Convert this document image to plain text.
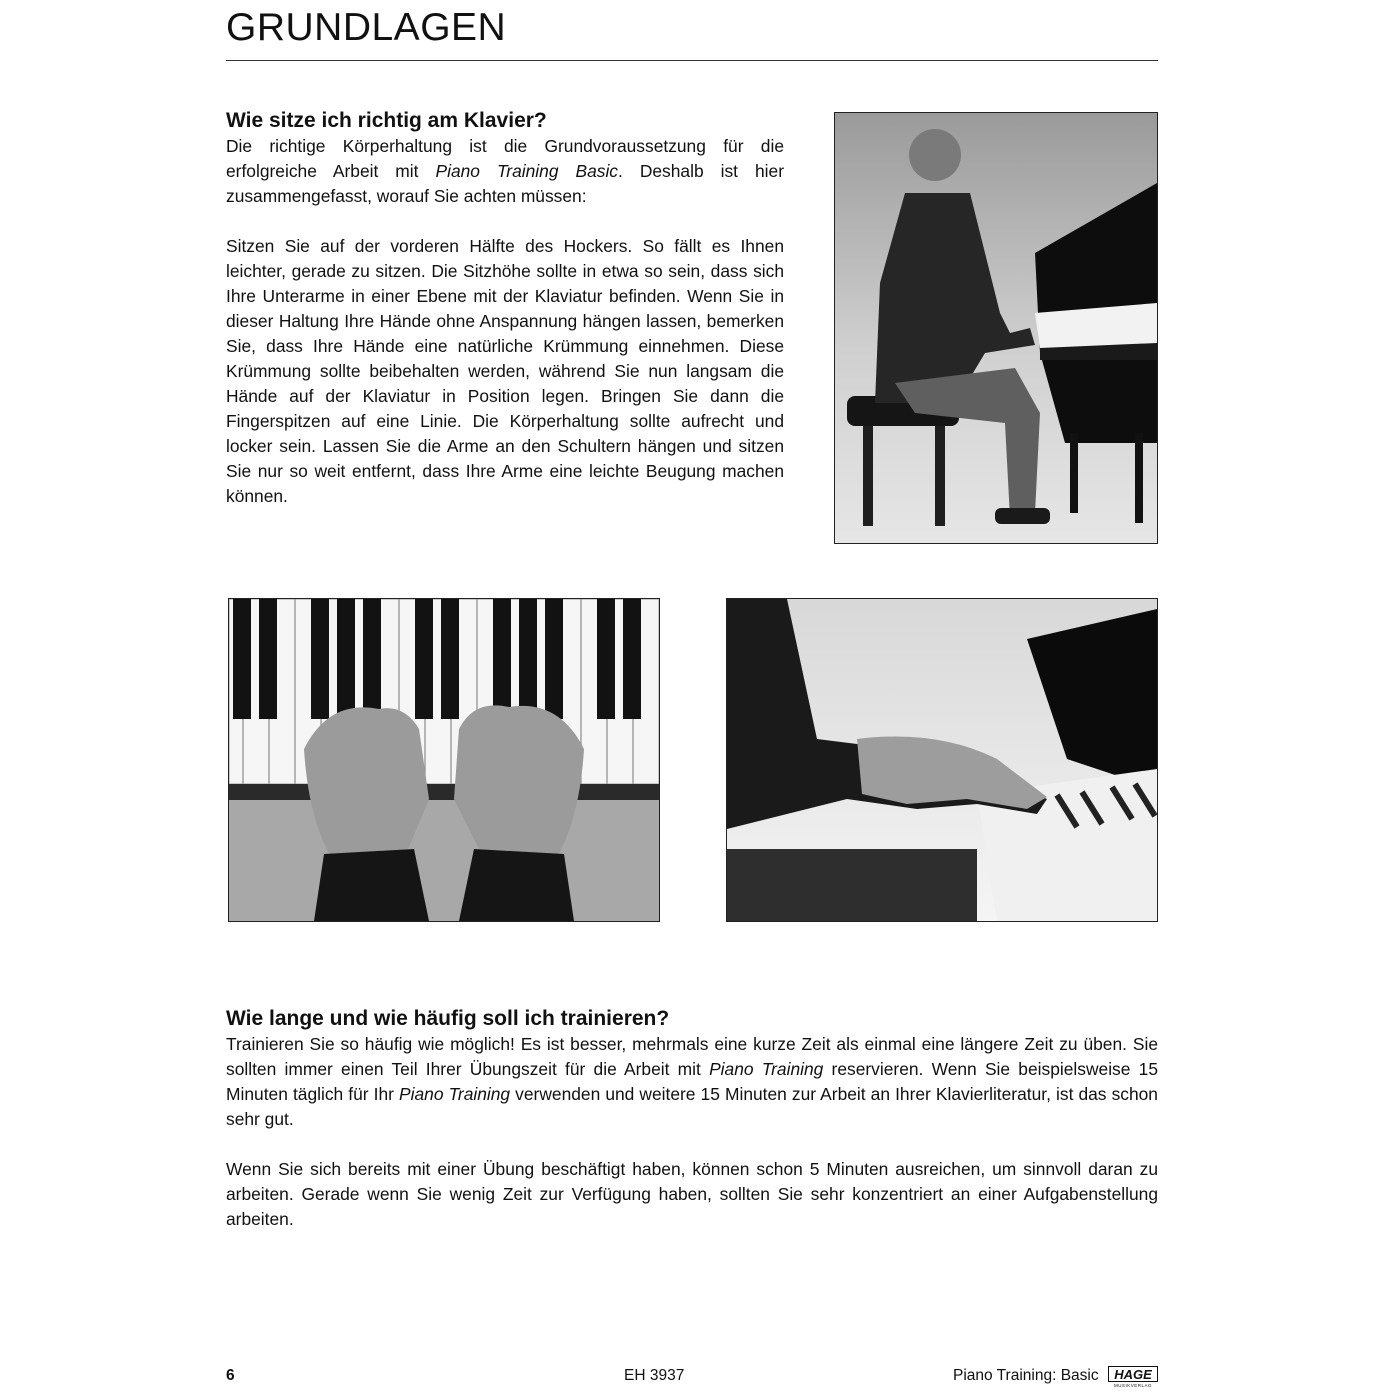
GRUNDLAGEN
Wie sitze ich richtig am Klavier?

Die richtige Körperhaltung ist die Grundvoraussetzung für die erfolgreiche Arbeit mit Piano Training Basic. Deshalb ist hier zusammengefasst, worauf Sie achten müssen:

Sitzen Sie auf der vorderen Hälfte des Hockers. So fällt es Ihnen leichter, gerade zu sitzen. Die Sitzhöhe sollte in etwa so sein, dass sich Ihre Unterarme in einer Ebene mit der Klaviatur befinden. Wenn Sie in dieser Haltung Ihre Hände ohne Anspannung hängen lassen, bemerken Sie, dass Ihre Hände eine natürliche Krümmung einnehmen. Diese Krümmung sollte beibehalten werden, während Sie nun langsam die Hände auf der Klaviatur in Position legen. Bringen Sie dann die Fingerspitzen auf eine Linie. Die Körperhaltung sollte aufrecht und locker sein. Lassen Sie die Arme an den Schultern hängen und sitzen Sie nur so weit entfernt, dass Ihre Arme eine leichte Beugung machen können.

Wie lange und wie häufig soll ich trainieren?

Trainieren Sie so häufig wie möglich! Es ist besser, mehrmals eine kurze Zeit als einmal eine längere Zeit zu üben. Sie sollten immer einen Teil Ihrer Übungszeit für die Arbeit mit Piano Training reservieren. Wenn Sie beispielsweise 15 Minuten täglich für Ihr Piano Training verwenden und weitere 15 Minuten zur Arbeit an Ihrer Klavierliteratur, ist das schon sehr gut.

Wenn Sie sich bereits mit einer Übung beschäftigt haben, können schon 5 Minuten ausreichen, um sinnvoll daran zu arbeiten. Gerade wenn Sie wenig Zeit zur Verfügung haben, sollten Sie sehr konzentriert an einer Aufgabenstellung arbeiten.

6	EH 3937	Piano Training: Basic HAGE
MUSIKVERLAG
